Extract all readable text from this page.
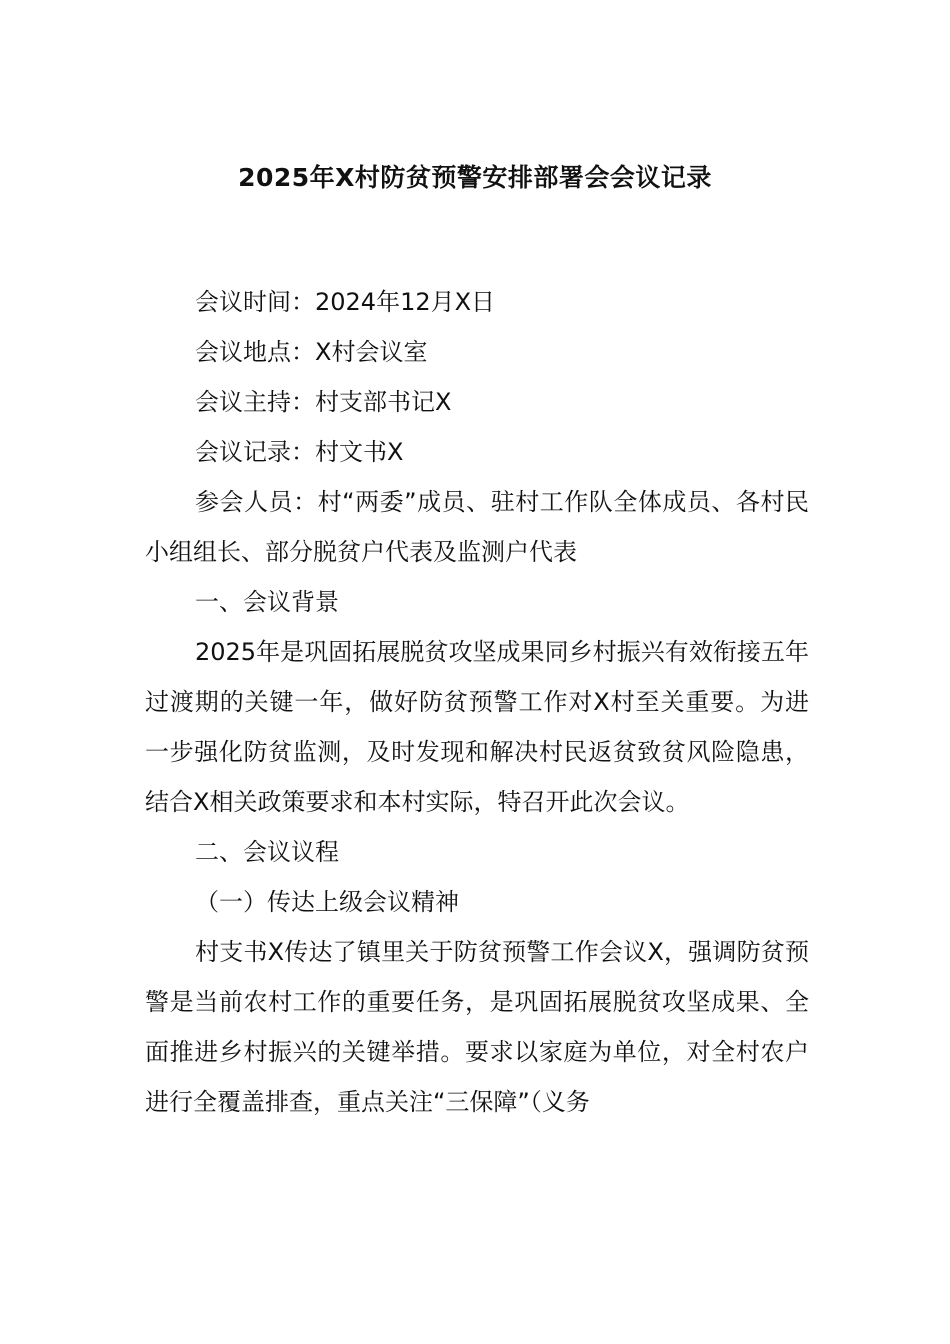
2025年X村防贫预警安排部署会会议记录

会议时间：2024年12月X日

会议地点：X村会议室

会议主持：村支部书记X

会议记录：村文书X

参会人员：村“两委”成员、驻村工作队全体成员、各村民小组组长、部分脱贫户代表及监测户代表

一、会议背景

2025年是巩固拓展脱贫攻坚成果同乡村振兴有效衔接五年过渡期的关键一年，做好防贫预警工作对X村至关重要。为进一步强化防贫监测，及时发现和解决村民返贫致贫风险隐患，结合X相关政策要求和本村实际，特召开此次会议。

二、会议议程

（一）传达上级会议精神

村支书X传达了镇里关于防贫预警工作会议X，强调防贫预警是当前农村工作的重要任务，是巩固拓展脱贫攻坚成果、全面推进乡村振兴的关键举措。要求以家庭为单位，对全村农户进行全覆盖排查，重点关注“三保障”（义务
